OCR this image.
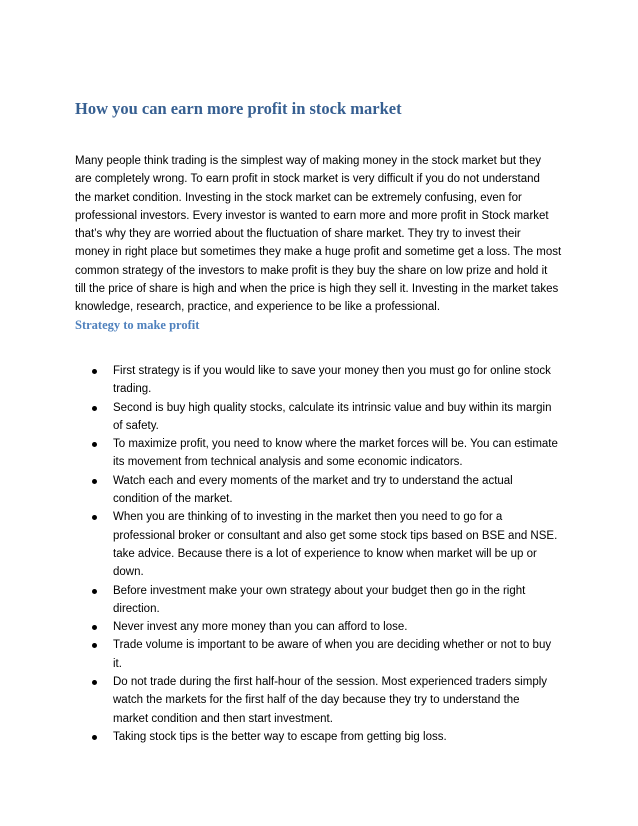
How you can earn more profit in stock market

Many people think trading is the simplest way of making money in the stock market but they
are completely wrong. To earn profit in stock market is very difficult if you do not understand
the market condition. Investing in the stock market can be extremely confusing, even for
professional investors. Every investor is wanted to earn more and more profit in Stock market
that’s why they are worried about the fluctuation of share market. They try to invest their
money in right place but sometimes they make a huge profit and sometime get a loss. The most
common strategy of the investors to make profit is they buy the share on low prize and hold it
till the price of share is high and when the price is high they sell it. Investing in the market takes
knowledge, research, practice, and experience to be like a professional.

Strategy to make profit
First strategy is if you would like to save your money then you must go for online stock
trading.
Second is buy high quality stocks, calculate its intrinsic value and buy within its margin
of safety.
To maximize profit, you need to know where the market forces will be. You can estimate
its movement from technical analysis and some economic indicators.
Watch each and every moments of the market and try to understand the actual
condition of the market.
When you are thinking of to investing in the market then you need to go for a
professional broker or consultant and also get some stock tips based on BSE and NSE.
take advice. Because there is a lot of experience to know when market will be up or
down.
Before investment make your own strategy about your budget then go in the right
direction.
Never invest any more money than you can afford to lose.
Trade volume is important to be aware of when you are deciding whether or not to buy
it.
Do not trade during the first half-hour of the session. Most experienced traders simply
watch the markets for the first half of the day because they try to understand the
market condition and then start investment.
Taking stock tips is the better way to escape from getting big loss.
